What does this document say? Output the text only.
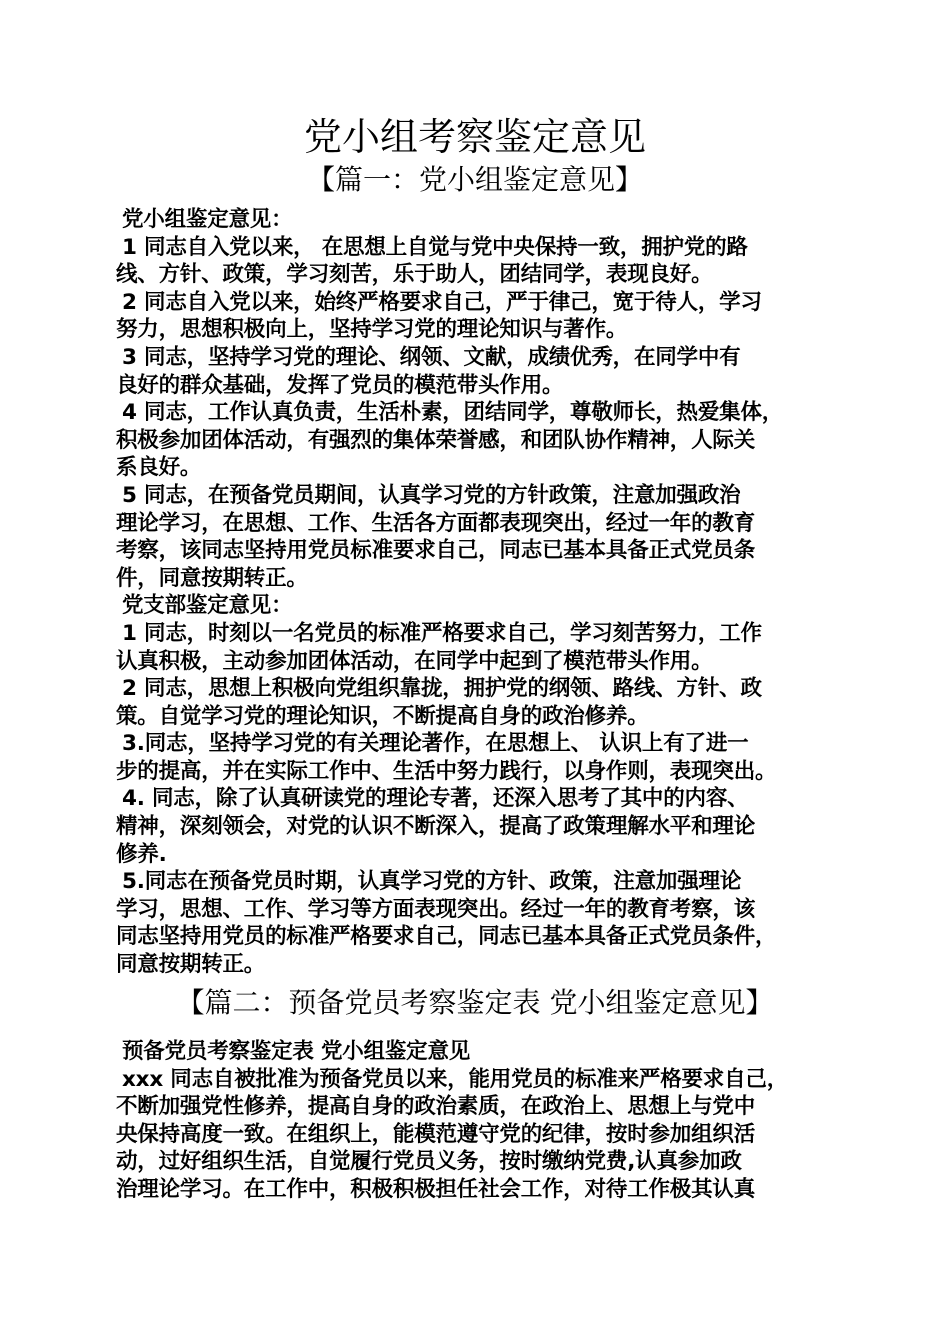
党小组考察鉴定意见
【篇一：党小组鉴定意见】

党小组鉴定意见：

1 同志自入党以来， 在思想上自觉与党中央保持一致，拥护党的路

线、方针、政策，学习刻苦，乐于助人，团结同学，表现良好。

2 同志自入党以来，始终严格要求自己，严于律己，宽于待人，学习

努力，思想积极向上，坚持学习党的理论知识与著作。

3 同志，坚持学习党的理论、纲领、文献，成绩优秀，在同学中有

良好的群众基础，发挥了党员的模范带头作用。

4 同志，工作认真负责，生活朴素，团结同学，尊敬师长，热爱集体，

积极参加团体活动，有强烈的集体荣誉感，和团队协作精神，人际关

系良好。

5 同志，在预备党员期间，认真学习党的方针政策，注意加强政治

理论学习，在思想、工作、生活各方面都表现突出，经过一年的教育

考察，该同志坚持用党员标准要求自己，同志已基本具备正式党员条

件，同意按期转正。

党支部鉴定意见：

1 同志，时刻以一名党员的标准严格要求自己，学习刻苦努力，工作

认真积极，主动参加团体活动，在同学中起到了模范带头作用。

2 同志，思想上积极向党组织靠拢，拥护党的纲领、路线、方针、政

策。自觉学习党的理论知识，不断提高自身的政治修养。

3.同志，坚持学习党的有关理论著作，在思想上、 认识上有了进一

步的提高，并在实际工作中、生活中努力践行，以身作则，表现突出。

4. 同志，除了认真研读党的理论专著，还深入思考了其中的内容、

精神，深刻领会，对党的认识不断深入，提高了政策理解水平和理论

修养.

5.同志在预备党员时期，认真学习党的方针、政策，注意加强理论

学习，思想、工作、学习等方面表现突出。经过一年的教育考察，该

同志坚持用党员的标准严格要求自己，同志已基本具备正式党员条件，

同意按期转正。

【篇二：预备党员考察鉴定表 党小组鉴定意见】

预备党员考察鉴定表 党小组鉴定意见

xxx 同志自被批准为预备党员以来，能用党员的标准来严格要求自己，

不断加强党性修养，提高自身的政治素质，在政治上、思想上与党中

央保持高度一致。在组织上，能模范遵守党的纪律，按时参加组织活

动，过好组织生活，自觉履行党员义务，按时缴纳党费,认真参加政

治理论学习。在工作中，积极积极担任社会工作，对待工作极其认真
